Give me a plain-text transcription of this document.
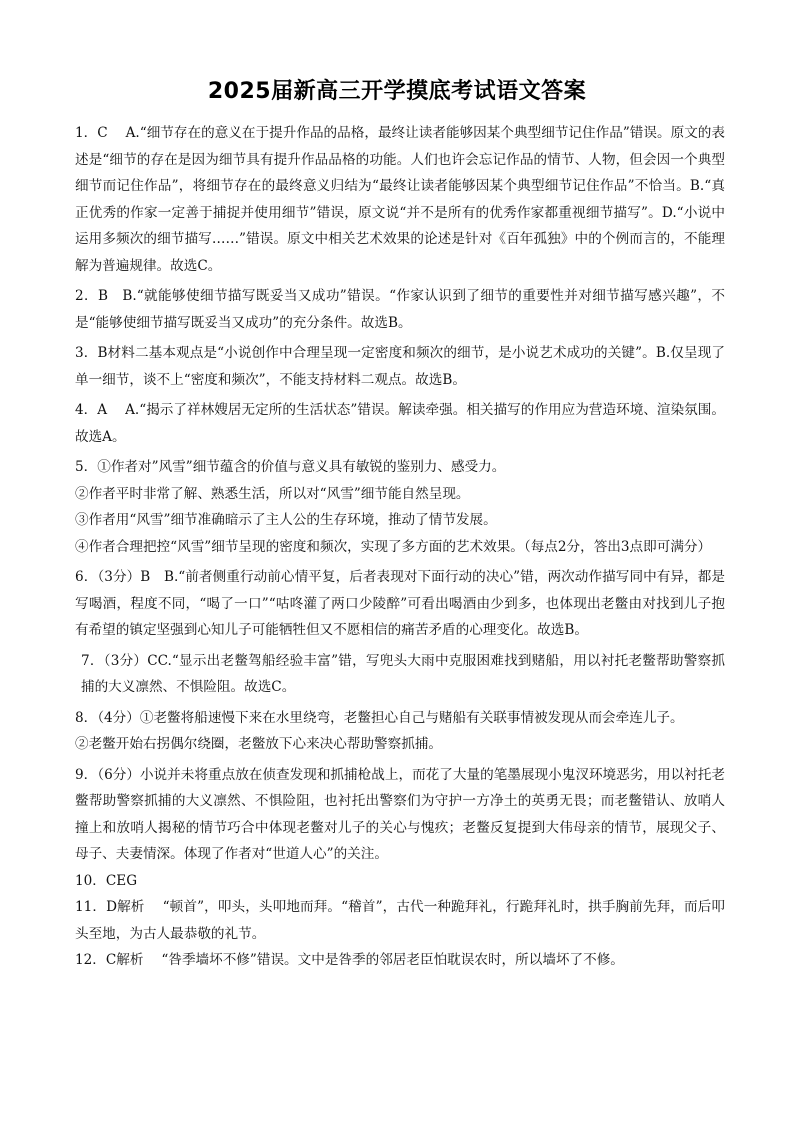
2025届新高三开学摸底考试语文答案

1．C　 A.“细节存在的意义在于提升作品的品格，最终让读者能够因某个典型细节记住作品”错误。原文的表述是“细节的存在是因为细节具有提升作品品格的功能。人们也许会忘记作品的情节、人物，但会因一个典型细节而记住作品”，将细节存在的最终意义归结为“最终让读者能够因某个典型细节记住作品”不恰当。B.“真正优秀的作家一定善于捕捉并使用细节”错误，原文说“并不是所有的优秀作家都重视细节描写”。D.“小说中运用多频次的细节描写……”错误。原文中相关艺术效果的论述是针对《百年孤独》中的个例而言的，不能理解为普遍规律。故选C。

2．B　B.“就能够使细节描写既妥当又成功”错误。“作家认识到了细节的重要性并对细节描写感兴趣”，不是“能够使细节描写既妥当又成功”的充分条件。故选B。

3．B材料二基本观点是“小说创作中合理呈现一定密度和频次的细节，是小说艺术成功的关键”。B.仅呈现了单一细节，谈不上“密度和频次”，不能支持材料二观点。故选B。

4．A　 A.“揭示了祥林嫂居无定所的生活状态”错误。解读牵强。相关描写的作用应为营造环境、渲染氛围。故选A。

5．①作者对”风雪”细节蕴含的价值与意义具有敏锐的鉴别力、感受力。

②作者平时非常了解、熟悉生活，所以对“风雪”细节能自然呈现。

③作者用“风雪”细节准确暗示了主人公的生存环境，推动了情节发展。

④作者合理把控“风雪”细节呈现的密度和频次，实现了多方面的艺术效果。（每点2分，答出3点即可满分）

6．（3分）B　B.“前者侧重行动前心情平复，后者表现对下面行动的决心”错，两次动作描写同中有异，都是写喝酒，程度不同，“喝了一口”“咕咚灌了两口少陵醉”可看出喝酒由少到多，也体现出老鳖由对找到儿子抱有希望的镇定坚强到心知儿子可能牺牲但又不愿相信的痛苦矛盾的心理变化。故选B。

7．（3分）CC.“显示出老鳖驾船经验丰富”错，写兜头大雨中克服困难找到赌船，用以衬托老鳖帮助警察抓捕的大义凛然、不惧险阻。故选C。

8．（4分）①老鳖将船速慢下来在水里绕弯，老鳖担心自己与赌船有关联事情被发现从而会牵连儿子。

②老鳖开始右拐偶尔绕圈，老鳖放下心来决心帮助警察抓捕。

9．（6分）小说并未将重点放在侦查发现和抓捕枪战上，而花了大量的笔墨展现小鬼汊环境恶劣，用以衬托老鳖帮助警察抓捕的大义凛然、不惧险阻，也衬托出警察们为守护一方净土的英勇无畏；而老鳖错认、放哨人撞上和放哨人揭秘的情节巧合中体现老鳖对儿子的关心与愧疚；老鳖反复提到大伟母亲的情节，展现父子、母子、夫妻情深。体现了作者对“世道人心”的关注。

10．CEG

11．D解析　 “顿首”，叩头，头叩地而拜。“稽首”，古代一种跪拜礼，行跪拜礼时，拱手胸前先拜，而后叩头至地，为古人最恭敬的礼节。

12．C解析　 “咎季墙坏不修”错误。文中是咎季的邻居老臣怕耽误农时，所以墙坏了不修。
